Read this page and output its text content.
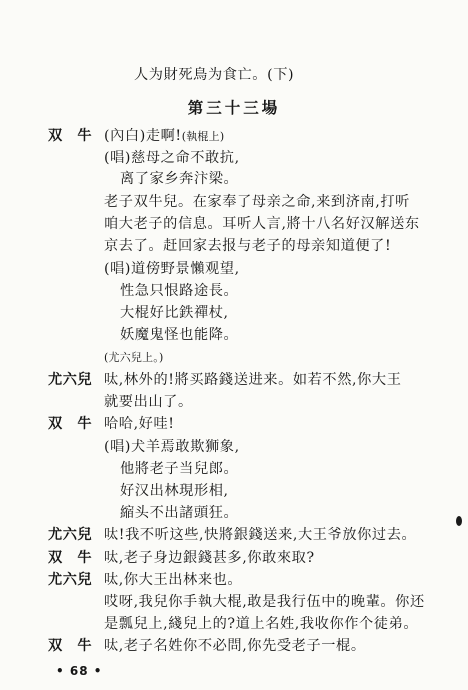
人为財死鳥为食亡。(下)
第三十三場
双　牛 (內白)走啊!(執棍上)
(唱)慈母之命不敢抗,
离了家乡奔汴梁。
老子双牛兒。在家奉了母亲之命,来到济南,打听
咱大老子的信息。耳听人言,將十八名好汉解送东
京去了。赶回家去报与老子的母亲知道便了!
(唱)道傍野景懶观望,
性急只恨路途長。
大棍好比鉄禪杖,
妖魔鬼怪也能降。
(尤六兒上。)
尤六兒 呔,林外的!將买路錢送进来。如若不然,你大王
就要出山了。
双　牛 哈哈,好哇!
(唱)犬羊焉敢欺狮象,
他將老子当兒郎。
好汉出林現形相,
縮头不出諸頭狂。
尤六兒 呔!我不听这些,快將銀錢送来,大王爷放你过去。
双　牛 呔,老子身边銀錢甚多,你敢來取?
尤六兒 呔,你大王出林来也。
哎呀,我兒你手執大棍,敢是我行伍中的晚輩。你还
是瓢兒上,綫兒上的?道上名姓,我收你作个徒弟。
双　牛 呔,老子名姓你不必問,你先受老子一棍。
• 68 •
